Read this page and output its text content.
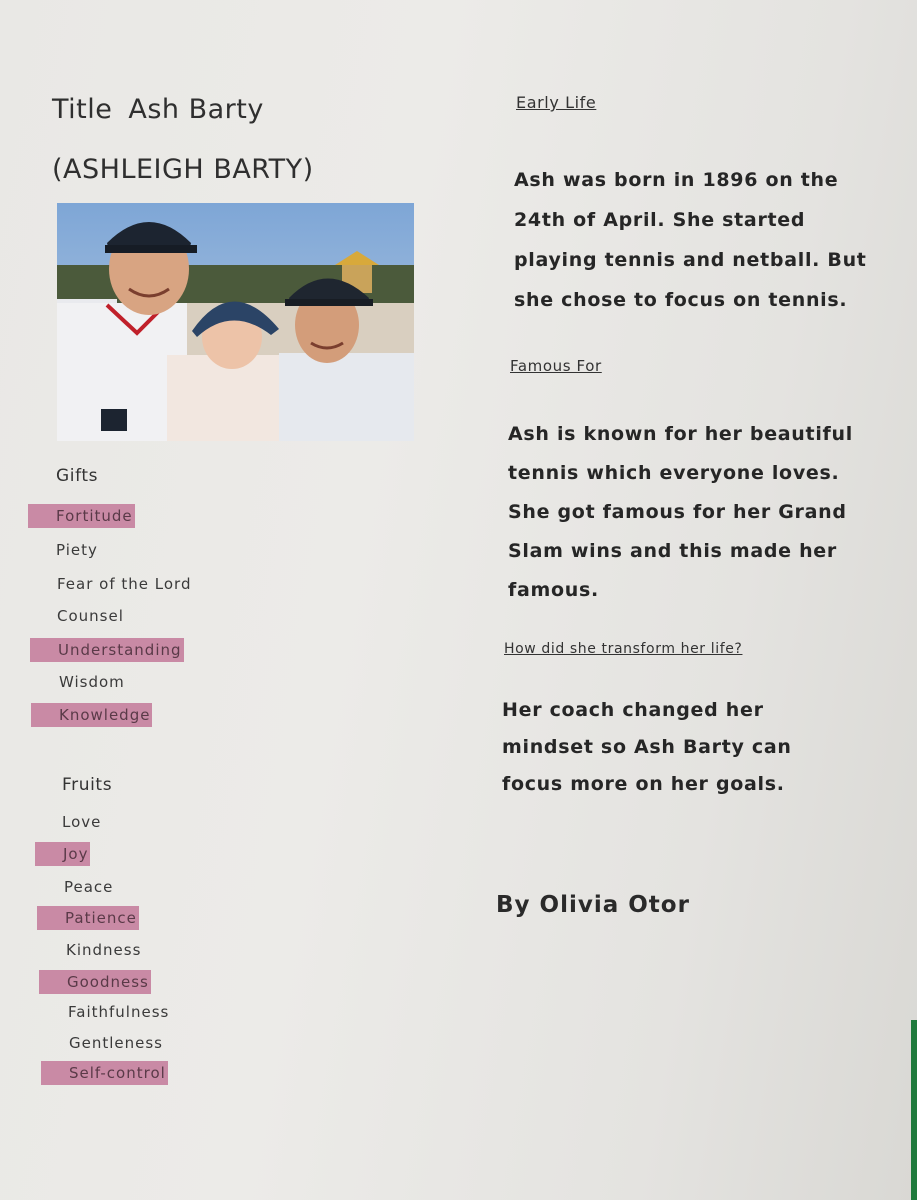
Title Ash Barty
(ASHLEIGH BARTY)
Gifts
Fortitude
Piety
Fear of the Lord
Counsel
Understanding
Wisdom
Knowledge
Fruits
Love
Joy
Peace
Patience
Kindness
Goodness
Faithfulness
Gentleness
Self-control
Early Life
Ash was born in 1896 on the
24th of April. She started
playing tennis and netball. But
she chose to focus on tennis.
Famous For
Ash is known for her beautiful
tennis which everyone loves.
She got famous for her Grand
Slam wins and this made her
famous.
How did she transform her life?
Her coach changed her
mindset so Ash Barty can
focus more on her goals.
By Olivia Otor
